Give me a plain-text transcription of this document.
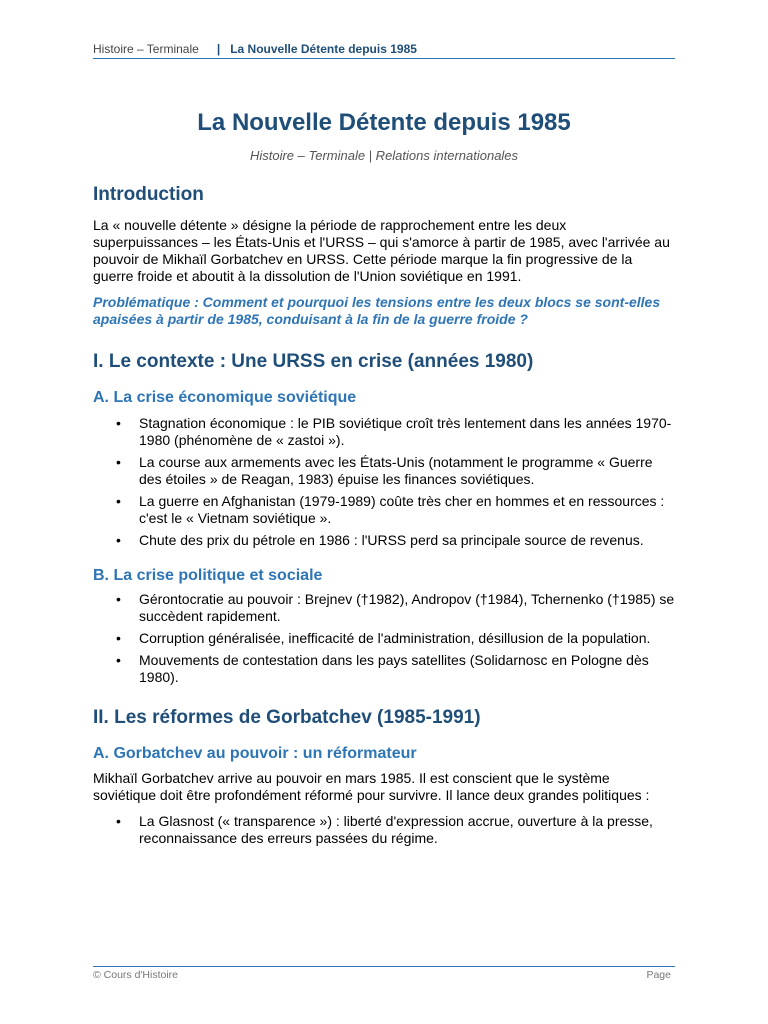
Histoire – Terminale | La Nouvelle Détente depuis 1985
La Nouvelle Détente depuis 1985
Histoire – Terminale | Relations internationales
Introduction

La « nouvelle détente » désigne la période de rapprochement entre les deux superpuissances – les États-Unis et l'URSS – qui s'amorce à partir de 1985, avec l'arrivée au pouvoir de Mikhaïl Gorbatchev en URSS. Cette période marque la fin progressive de la guerre froide et aboutit à la dissolution de l'Union soviétique en 1991.

Problématique : Comment et pourquoi les tensions entre les deux blocs se sont-elles apaisées à partir de 1985, conduisant à la fin de la guerre froide ?

I. Le contexte : Une URSS en crise (années 1980)
A. La crise économique soviétique
• Stagnation économique : le PIB soviétique croît très lentement dans les années 1970-1980 (phénomène de « zastoi »).
• La course aux armements avec les États-Unis (notamment le programme « Guerre des étoiles » de Reagan, 1983) épuise les finances soviétiques.
• La guerre en Afghanistan (1979-1989) coûte très cher en hommes et en ressources : c'est le « Vietnam soviétique ».
• Chute des prix du pétrole en 1986 : l'URSS perd sa principale source de revenus.
B. La crise politique et sociale
• Gérontocratie au pouvoir : Brejnev (†1982), Andropov (†1984), Tchernenko (†1985) se succèdent rapidement.
• Corruption généralisée, inefficacité de l'administration, désillusion de la population.
• Mouvements de contestation dans les pays satellites (Solidarnosc en Pologne dès 1980).
II. Les réformes de Gorbatchev (1985-1991)
A. Gorbatchev au pouvoir : un réformateur

Mikhaïl Gorbatchev arrive au pouvoir en mars 1985. Il est conscient que le système soviétique doit être profondément réformé pour survivre. Il lance deux grandes politiques :

• La Glasnost (« transparence ») : liberté d'expression accrue, ouverture à la presse, reconnaissance des erreurs passées du régime.
© Cours d'Histoire	Page
